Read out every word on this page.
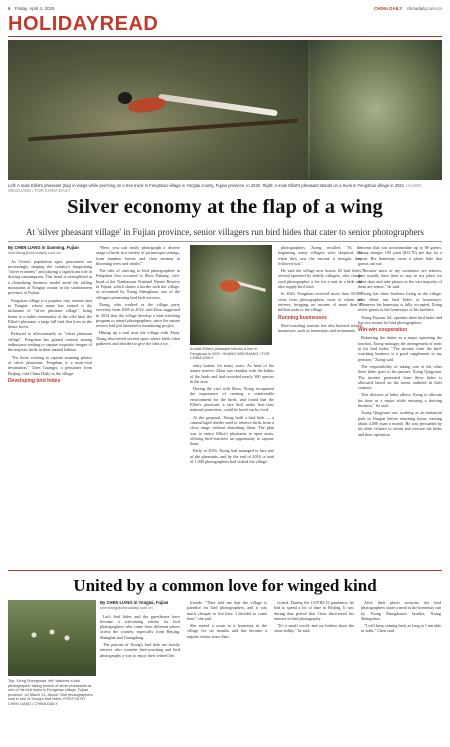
6 Friday, April 4, 2025	CHINA DAILY chinadaily.com.cn
HOLIDAYREAD
Left: A male Elliot's pheasant (top) in wings while perching on a tree trunk in Fengshan village in Yongtai county, Fujian province, in 2020. Right: A male Elliot's pheasant stands on a trunk in Fengshan village in 2021. HUANG WEIGUANG / FOR CHINA DAILY
Silver economy at the flap of a wing
At 'silver pheasant village' in Fujian province, senior villagers run bird hides that cater to senior photographers
By CHEN LIANG in Sanming, Fujian
chenliang@chinadaily.com.cn

As China's population ages, pensioners are increasingly shaping the country's burgeoning "silver economy" and playing a significant role in driving consumption. This trend is exemplified in a flourishing business model amid the rolling mountains of Yongtai county in the southeastern province of Fujian.

Fengshan village is a popular, tiny, remote area in Yongtai, whose name has earned it the nickname of "silver pheasant village", being home to a stable community of the wild bird, the Elliot's pheasant, a large hill bird that lives in the dense forest.

Referred to affectionately as "silver pheasant village", Fengshan has gained renown among enthusiasts seeking to capture exquisite images of the majestic birds in their natural habitat.

"For those wishing to capture stunning photos of silver pheasants, Fengshan is a must-visit destination," Chen Guangyi, a pensioner from Beijing, told China Daily in the village.

Developing bird hides

"Here, you can easily photograph a diverse range of birds in a variety of picturesque settings, from bamboo forests and clear streams to blooming trees and shrubs."

The idea of catering to bird photographers in Fengshan first occurred to Zhou Pinfang, vice-head of the Tianbaoyan National Nature Reserve in Fujian, which shares a border with the village, as recounted by Xiong Shengkuan, one of the villagers pioneering bird hide services.

Xiong, who worked as the village party secretary from 2005 to 2014, said Zhou suggested in 2014 that the village develop a bird-watching program to attract photographers, since the nature reserve had just launched a monitoring project.

Hiking up a trail near the village with Zhou, Xiong discovered several spots where birds often gathered, and decided to give the idea a try.

A male Elliot's pheasant follows a hen in Fengshan in 2022. HUANG WEIGUANG / FOR CHINA DAILY

entry button, for many years. As head of the nature reserve, Zhou was familiar with the habits of the birds and had recorded nearly 300 species in the area.

During the visit with Zhou, Xiong recognized the importance of creating a comfortable environment for the birds, and found that the Elliot's pheasant, a rare bird under first-class national protection, could be lured out by food.

At the proposal, Xiong built a bird hide — a camouflaged shelter used to observe birds from a close range without disturbing them. The plan was to entice Elliot's pheasants to open areas, offering bird-watchers an opportunity to capture them.

Early in 2016, Xiong had managed to lure one of the pheasants, and by the end of 2016, a total of 1,000 photographers had visited the village.

photographers, Xiong recalled. "At the beginning, many villagers were skeptical, but when they saw the income it brought, they followed suit."

He said the village now boasts 20 bird hides, several operated by elderly villagers, who charge each photographer a fee for a seat in a hide and also supply bird food.

In 2024, Fengshan received more than 30,000 visits from photographers, most of whom are retirees, bringing an income of more than 5 million yuan to the village.

Running businesses

Bird-watching tourism has also boosted related businesses, such as homestays and restaurants.

rooms that can accommodate up to 80 guests. Xiong charges 100 yuan ($13.70) per day for a room. His homestay owns a photo hide that guests can use.

"Because most of my customers are retirees, they usually have time to stay in my place for three days and take photos as the vast majority of them are senior," he said.

Xiong has three brothers living in the village, who either run bird hides or homestays. Whenever his homestay is fully occupied, Xiong refers guests to the homestays of his brothers.

Xiong Fuyuan, 64, operates three bird hides and has two rooms for bird photographers.

Win-win cooperation

Balancing the duties as a major operating the tourism, Xiong manages the arrangement of seats in his bird hides. "The income from the bird-watching business is a good supplement to my pension," Xiong said.

The responsibility of taking care of the other three hides goes to his partner, Xiong Qingyuan. The income generated from these hides is allocated based on the terms outlined in their contract.

This division of labor allows Xiong to allocate his time as a major while ensuring a thriving business," he said.

Xiong Qingyuan was working as an industrial park in Yongtai before returning home, earning about 4,000 yuan a month. He was persuaded by his elder relative to return and oversee the hides and their operation.

United by a common love for winged kind
Top: Xiong Shengkuan, left, watches a bird photographer taking photos of silver pheasants at one of his bird hides in Fengshan village, Fujian province, on March 21. Above: Bird photographers wait in one of Xiong's bird hides. PHOTOS BY CHEN LIANG / CHINA DAILY
By CHEN LIANG in Yongtai, Fujian
chenliang@chinadaily.com.cn

Lai's bird hides and the guesthouse have become a welcoming retreat for bird photographers who come from different places across the country, especially from Beijing, Shanghai and Guangdong.

The patrons of Xiong's bird hide are mostly retirees who consider bird-watching and bird photography a way to enjoy their retired life.

friends: "They told me that the village is paradise for bird photographers, and it was much cheaper to live here. I decided to come here," she said.

She rented a room in a homestay in the village for six months and has become a regular visitor since then.

visited. During the COVID-19 pandemic, he had to spend a lot of time in Beijing. It was during that period that Chen discovered his interest in bird photography.

"It's a small world, and we birders share the same hobby," he said.

After their photo sessions, the bird photographers share a meal at the homestay run by Xiong Shengkuan's brother, Xiong Shengchun.

"I will keep coming back as long as I am able to walk," Chen said.
